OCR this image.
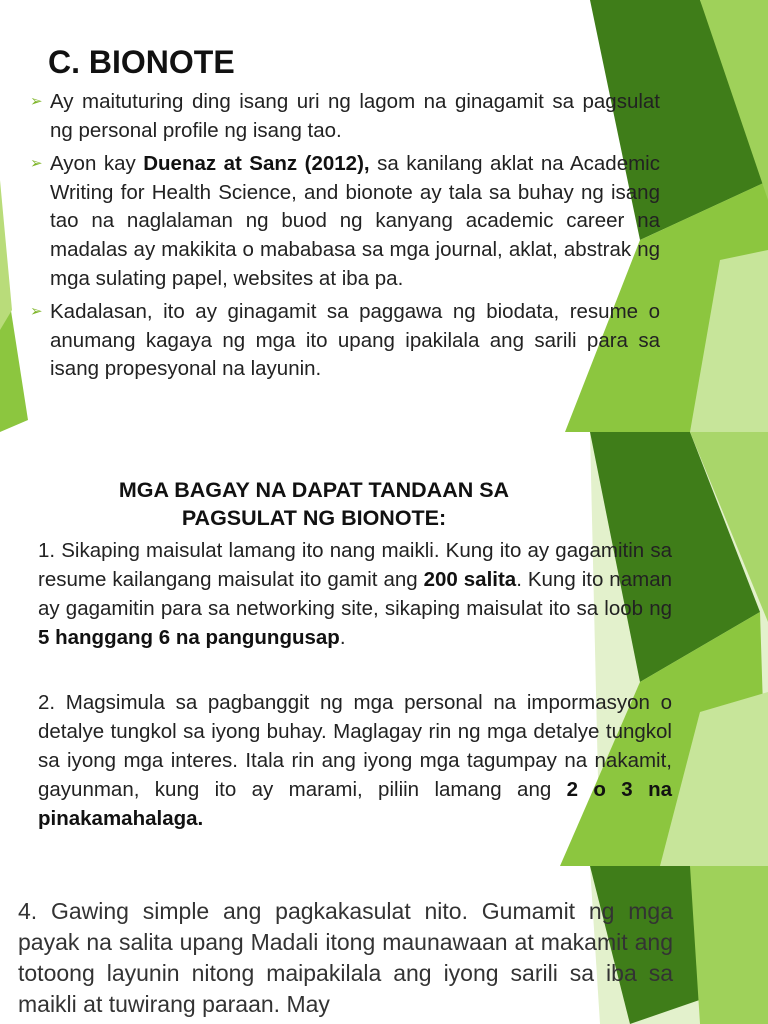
C. BIONOTE
➢ Ay maituturing ding isang uri ng lagom na ginagamit sa pagsulat ng personal profile ng isang tao.
➢ Ayon kay Duenaz at Sanz (2012), sa kanilang aklat na Academic Writing for Health Science, and bionote ay tala sa buhay ng isang tao na naglalaman ng buod ng kanyang academic career na madalas ay makikita o mababasa sa mga journal, aklat, abstrak ng mga sulating papel, websites at iba pa.
➢ Kadalasan, ito ay ginagamit sa paggawa ng biodata, resume o anumang kagaya ng mga ito upang ipakilala ang sarili para sa isang propesyonal na layunin.
MGA BAGAY NA DAPAT TANDAAN SA
PAGSULAT NG BIONOTE:

1. Sikaping maisulat lamang ito nang maikli. Kung ito ay gagamitin sa resume kailangang maisulat ito gamit ang 200 salita. Kung ito naman ay gagamitin para sa networking site, sikaping maisulat ito sa loob ng 5 hanggang 6 na pangungusap.

2. Magsimula sa pagbanggit ng mga personal na impormasyon o detalye tungkol sa iyong buhay. Maglagay rin ng mga detalye tungkol sa iyong mga interes. Itala rin ang iyong mga tagumpay na nakamit, gayunman, kung ito ay marami, piliin lamang ang 2 o 3 na pinakamahalaga.

4. Gawing simple ang pagkakasulat nito. Gumamit ng mga payak na salita upang Madali itong maunawaan at makamit ang totoong layunin nitong maipakilala ang iyong sarili sa iba sa maikli at tuwirang paraan. May
